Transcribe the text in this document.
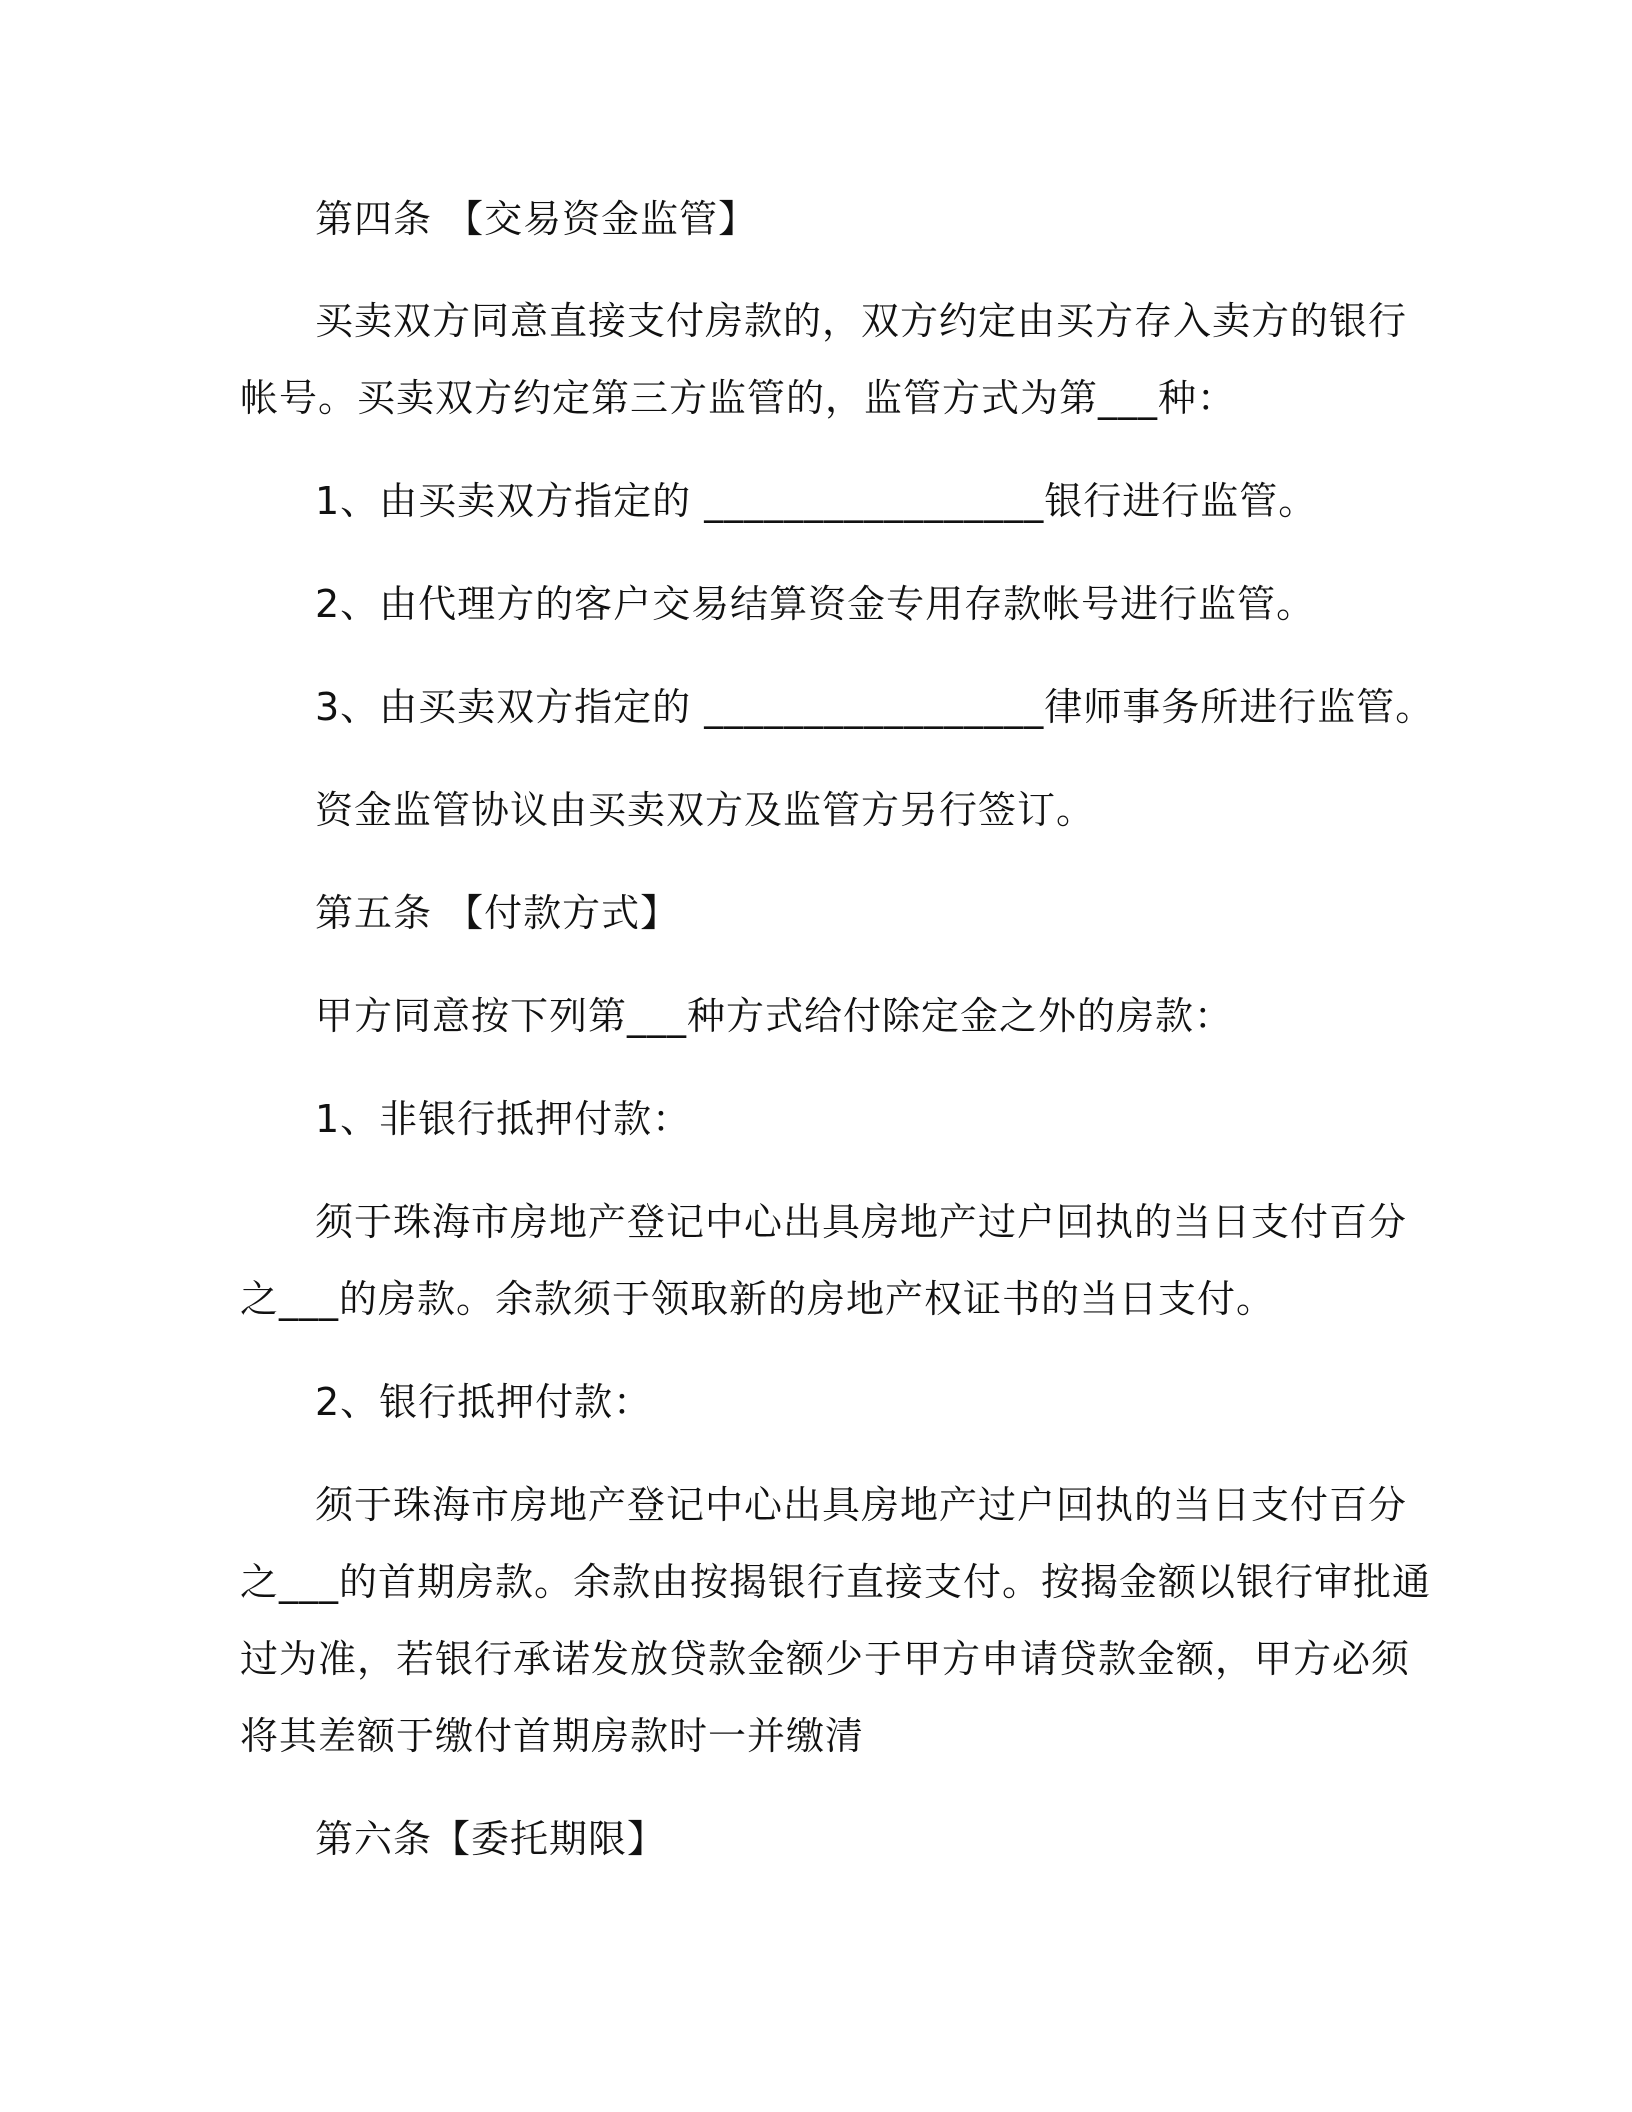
第四条 【交易资金监管】
买卖双方同意直接支付房款的，双方约定由买方存入卖方的银行
帐号。买卖双方约定第三方监管的，监管方式为第___种：
1、由买卖双方指定的 _________________银行进行监管。
2、由代理方的客户交易结算资金专用存款帐号进行监管。
3、由买卖双方指定的 _________________律师事务所进行监管。
资金监管协议由买卖双方及监管方另行签订。
第五条 【付款方式】
甲方同意按下列第___种方式给付除定金之外的房款：
1、非银行抵押付款：
须于珠海市房地产登记中心出具房地产过户回执的当日支付百分
之___的房款。余款须于领取新的房地产权证书的当日支付。
2、银行抵押付款：
须于珠海市房地产登记中心出具房地产过户回执的当日支付百分
之___的首期房款。余款由按揭银行直接支付。按揭金额以银行审批通
过为准，若银行承诺发放贷款金额少于甲方申请贷款金额，甲方必须
将其差额于缴付首期房款时一并缴清
第六条【委托期限】
